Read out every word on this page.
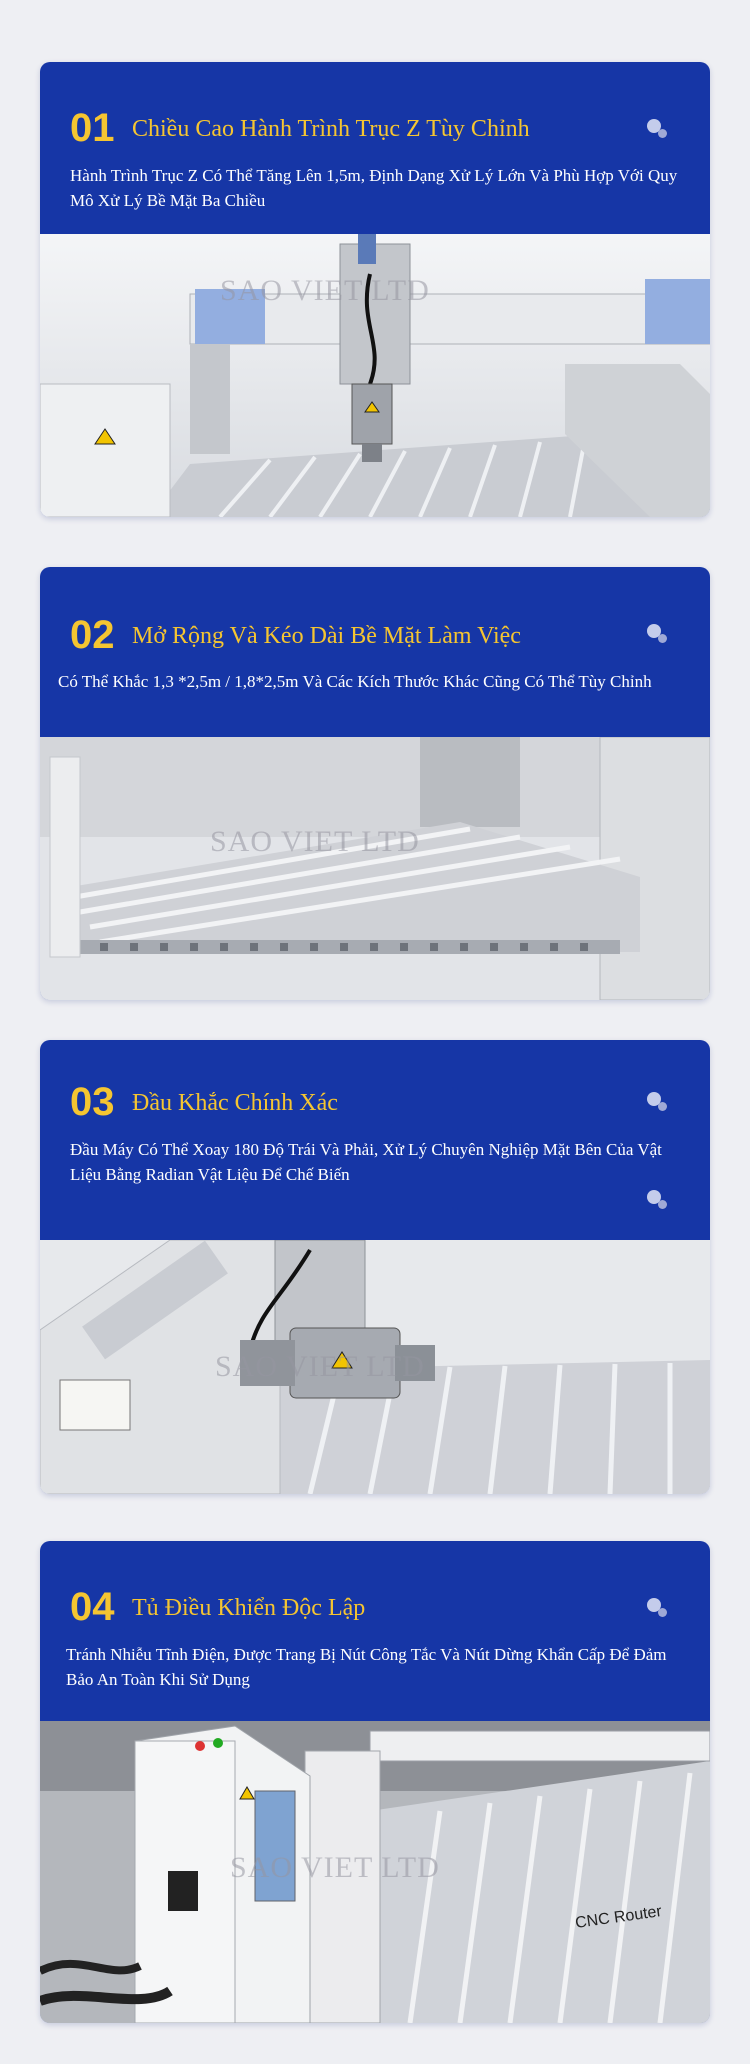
01 Chiều Cao Hành Trình Trục Z Tùy Chỉnh
Hành Trình Trục Z Có Thể Tăng Lên 1,5m, Định Dạng Xử Lý Lớn Và Phù Hợp Với Quy Mô Xử Lý Bề Mặt Ba Chiều
SAO VIET LTD
02 Mở Rộng Và Kéo Dài Bề Mặt Làm Việc
Có Thể Khắc 1,3 *2,5m / 1,8*2,5m Và Các Kích Thước Khác Cũng Có Thể Tùy Chỉnh
SAO VIET LTD
03 Đầu Khắc Chính Xác
Đầu Máy Có Thể Xoay 180 Độ Trái Và Phải, Xử Lý Chuyên Nghiệp Mặt Bên Của Vật Liệu Bằng Radian Vật Liệu Để Chế Biến
SAO VIET LTD
04 Tủ Điều Khiển Độc Lập
Tránh Nhiễu Tĩnh Điện, Được Trang Bị Nút Công Tắc Và Nút Dừng Khẩn Cấp Để Đảm Bảo An Toàn Khi Sử Dụng
SAO VIET LTD
CNC Router
